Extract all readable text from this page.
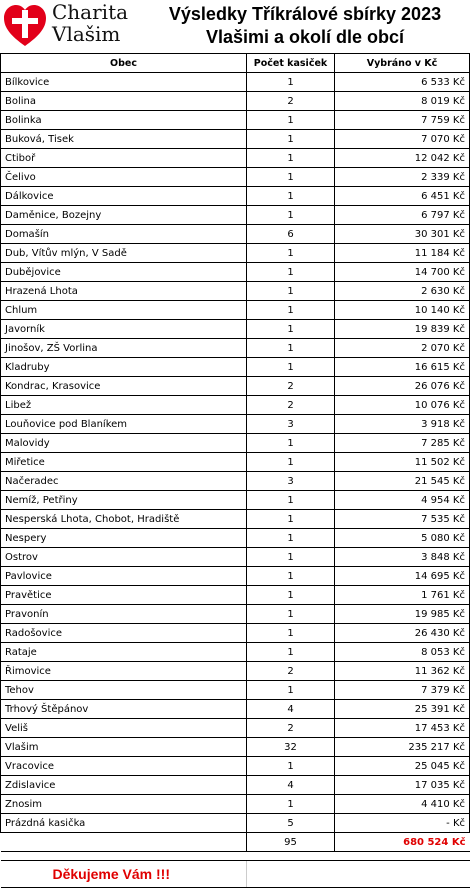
Charita
Vlašim
Výsledky Tříkrálové sbírky 2023
Vlašimi a okolí dle obcí
Obec	Počet kasiček	Vybráno v Kč
Bílkovice	1	6 533 Kč
Bolina	2	8 019 Kč
Bolinka	1	7 759 Kč
Buková, Tisek	1	7 070 Kč
Ctiboř	1	12 042 Kč
Čelivo	1	2 339 Kč
Dálkovice	1	6 451 Kč
Daměnice, Bozejny	1	6 797 Kč
Domašín	6	30 301 Kč
Dub, Vítův mlýn, V Sadě	1	11 184 Kč
Dubějovice	1	14 700 Kč
Hrazená Lhota	1	2 630 Kč
Chlum	1	10 140 Kč
Javorník	1	19 839 Kč
Jinošov, ZŠ Vorlina	1	2 070 Kč
Kladruby	1	16 615 Kč
Kondrac, Krasovice	2	26 076 Kč
Libež	2	10 076 Kč
Louňovice pod Blaníkem	3	3 918 Kč
Malovidy	1	7 285 Kč
Miřetice	1	11 502 Kč
Načeradec	3	21 545 Kč
Nemíž, Petřiny	1	4 954 Kč
Nesperská Lhota, Chobot, Hradiště	1	7 535 Kč
Nespery	1	5 080 Kč
Ostrov	1	3 848 Kč
Pavlovice	1	14 695 Kč
Pravětice	1	1 761 Kč
Pravonín	1	19 985 Kč
Radošovice	1	26 430 Kč
Rataje	1	8 053 Kč
Řimovice	2	11 362 Kč
Tehov	1	7 379 Kč
Trhový Štěpánov	4	25 391 Kč
Veliš	2	17 453 Kč
Vlašim	32	235 217 Kč
Vracovice	1	25 045 Kč
Zdislavice	4	17 035 Kč
Znosim	1	4 410 Kč
Prázdná kasička	5	- Kč
	95	680 524 Kč

Děkujeme Vám !!!		
